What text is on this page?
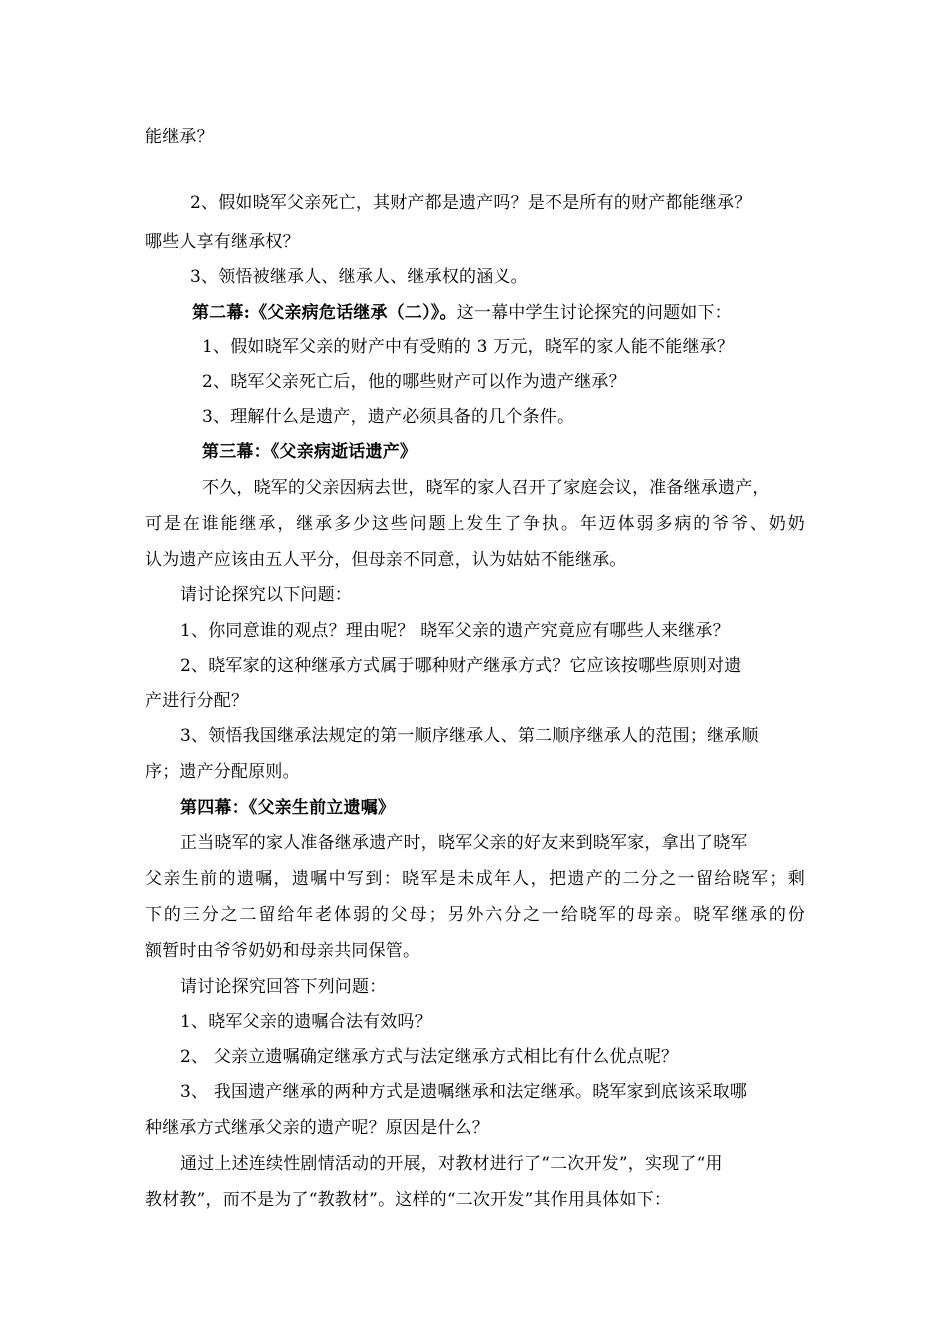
能继承？
2、假如晓军父亲死亡，其财产都是遗产吗？是不是所有的财产都能继承？
哪些人享有继承权？
3、领悟被继承人、继承人、继承权的涵义。
第二幕:《父亲病危话继承（二）》。这一幕中学生讨论探究的问题如下：
1、假如晓军父亲的财产中有受贿的 3 万元，晓军的家人能不能继承？
2、晓军父亲死亡后，他的哪些财产可以作为遗产继承？
3、理解什么是遗产，遗产必须具备的几个条件。
第三幕：《父亲病逝话遗产》
不久，晓军的父亲因病去世，晓军的家人召开了家庭会议，准备继承遗产，
可是在谁能继承，继承多少这些问题上发生了争执。年迈体弱多病的爷爷、奶奶
认为遗产应该由五人平分，但母亲不同意，认为姑姑不能继承。
请讨论探究以下问题：
1、你同意谁的观点？理由呢？ 晓军父亲的遗产究竟应有哪些人来继承？
2、晓军家的这种继承方式属于哪种财产继承方式？它应该按哪些原则对遗
产进行分配？
3、领悟我国继承法规定的第一顺序继承人、第二顺序继承人的范围；继承顺
序；遗产分配原则。
第四幕：《父亲生前立遗嘱》
正当晓军的家人准备继承遗产时，晓军父亲的好友来到晓军家，拿出了晓军
父亲生前的遗嘱，遗嘱中写到：晓军是未成年人，把遗产的二分之一留给晓军；剩
下的三分之二留给年老体弱的父母；另外六分之一给晓军的母亲。晓军继承的份
额暂时由爷爷奶奶和母亲共同保管。
请讨论探究回答下列问题：
1、晓军父亲的遗嘱合法有效吗？
2、 父亲立遗嘱确定继承方式与法定继承方式相比有什么优点呢？
3、 我国遗产继承的两种方式是遗嘱继承和法定继承。晓军家到底该采取哪
种继承方式继承父亲的遗产呢？原因是什么？
通过上述连续性剧情活动的开展，对教材进行了“二次开发”，实现了“用
教材教”，而不是为了“教教材”。这样的“二次开发”其作用具体如下：
